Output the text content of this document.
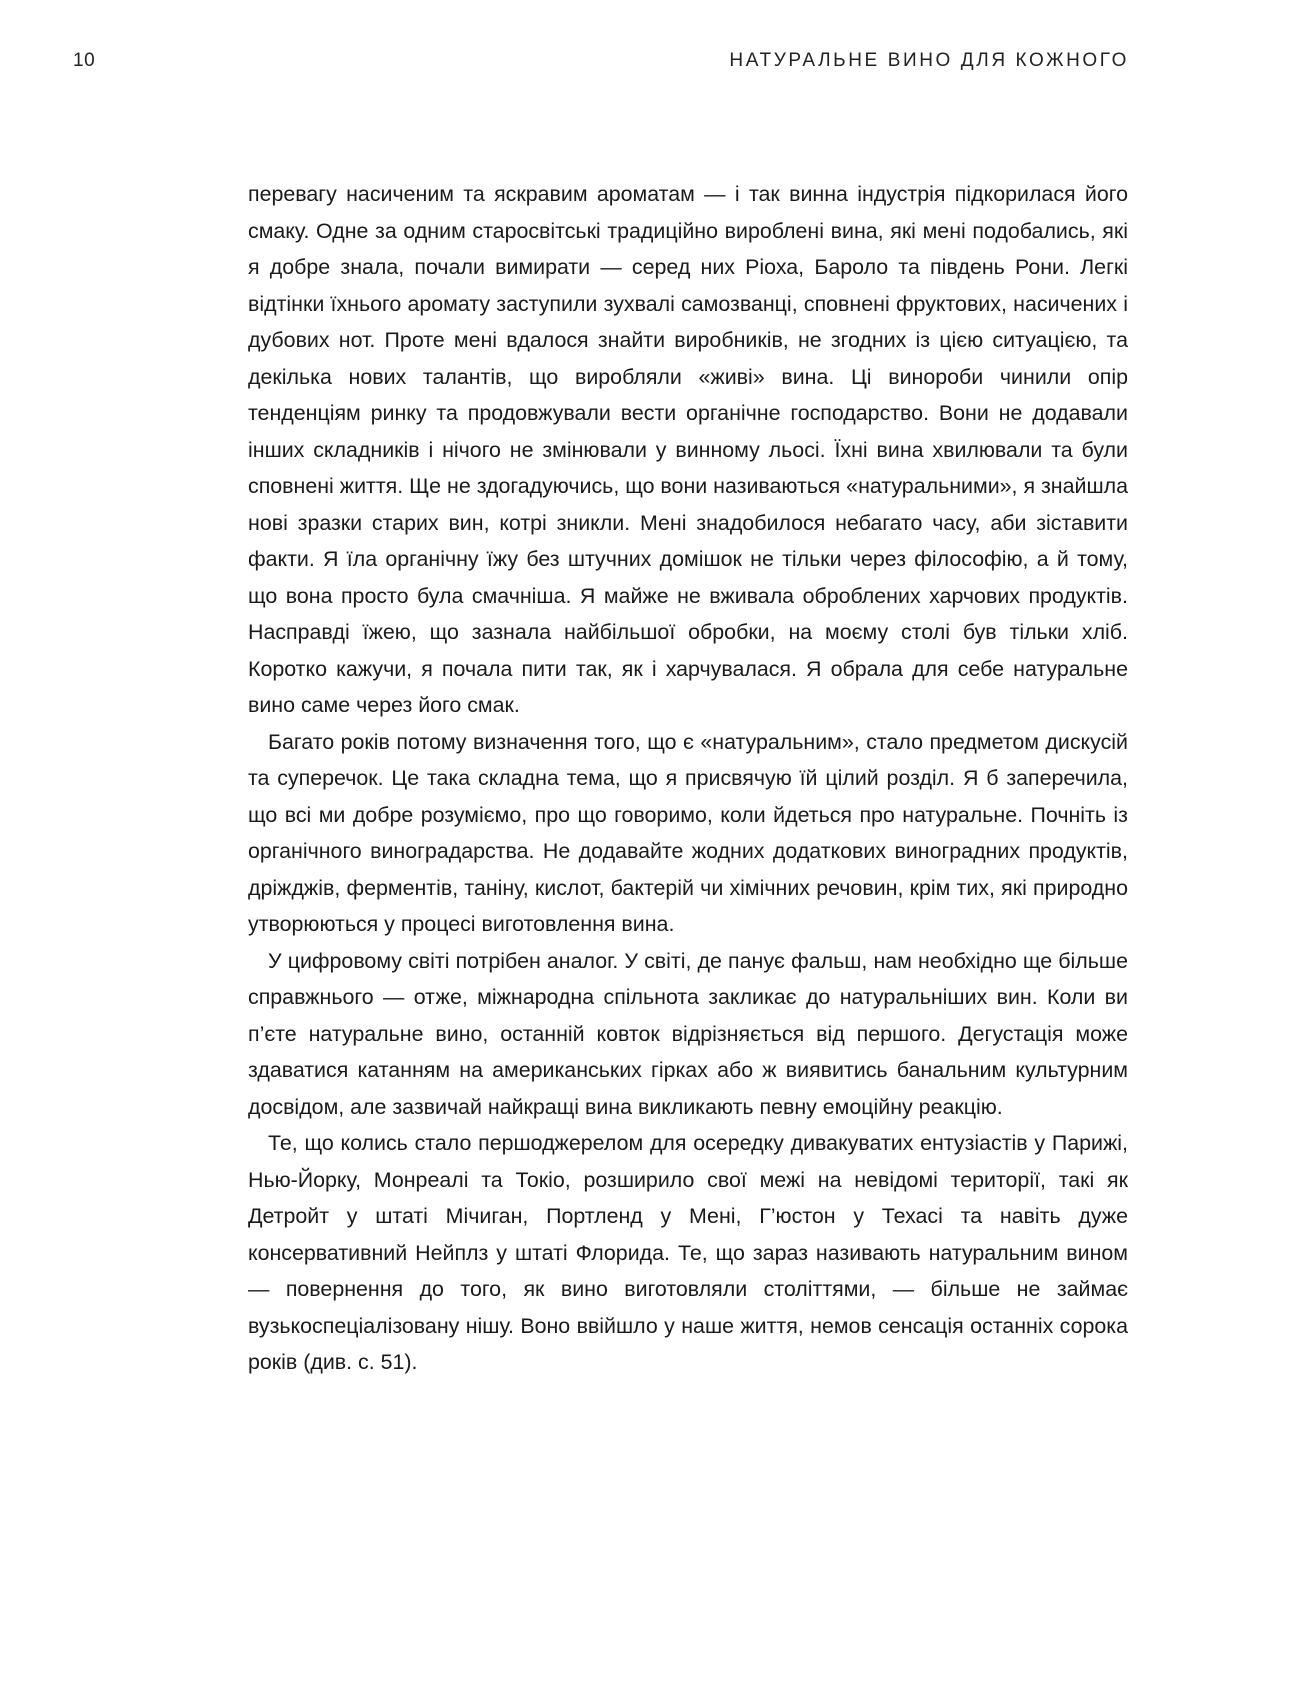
10	НАТУРАЛЬНЕ ВИНО ДЛЯ КОЖНОГО

перевагу насиченим та яскравим ароматам — і так винна індустрія підкорилася його смаку. Одне за одним старосвітські традиційно вироблені вина, які мені подобались, які я добре знала, почали вимирати — серед них Ріоха, Бароло та південь Рони. Легкі відтінки їхнього аромату заступили зухвалі самозванці, сповнені фруктових, насичених і дубових нот. Проте мені вдалося знайти виробників, не згодних із цією ситуацією, та декілька нових талантів, що виробляли «живі» вина. Ці винороби чинили опір тенденціям ринку та продовжували вести органічне господарство. Вони не додавали інших складників і нічого не змінювали у винному льосі. Їхні вина хвилювали та були сповнені життя. Ще не здогадуючись, що вони називаються «натуральними», я знайшла нові зразки старих вин, котрі зникли. Мені знадобилося небагато часу, аби зіставити факти. Я їла органічну їжу без штучних домішок не тільки через філософію, а й тому, що вона просто була смачніша. Я майже не вживала оброблених харчових продуктів. Насправді їжею, що зазнала найбільшої обробки, на моєму столі був тільки хліб. Коротко кажучи, я почала пити так, як і харчувалася. Я обрала для себе натуральне вино саме через його смак.

Багато років потому визначення того, що є «натуральним», стало предметом дискусій та суперечок. Це така складна тема, що я присвячую їй цілий розділ. Я б заперечила, що всі ми добре розуміємо, про що говоримо, коли йдеться про натуральне. Почніть із органічного виноградарства. Не додавайте жодних додаткових виноградних продуктів, дріжджів, ферментів, таніну, кислот, бактерій чи хімічних речовин, крім тих, які природно утворюються у процесі виготовлення вина.

У цифровому світі потрібен аналог. У світі, де панує фальш, нам необхідно ще більше справжнього — отже, міжнародна спільнота закликає до натуральніших вин. Коли ви п’єте натуральне вино, останній ковток відрізняється від першого. Дегустація може здаватися катанням на американських гірках або ж виявитись банальним культурним досвідом, але зазвичай найкращі вина викликають певну емоційну реакцію.

Те, що колись стало першоджерелом для осередку дивакуватих ентузіастів у Парижі, Нью-Йорку, Монреалі та Токіо, розширило свої межі на невідомі території, такі як Детройт у штаті Мічиган, Портленд у Мені, Г’юстон у Техасі та навіть дуже консервативний Нейплз у штаті Флорида. Те, що зараз називають натуральним вином — повернення до того, як вино виготовляли століттями, — більше не займає вузькоспеціалізовану нішу. Воно ввійшло у наше життя, немов сенсація останніх сорока років (див. с. 51).
